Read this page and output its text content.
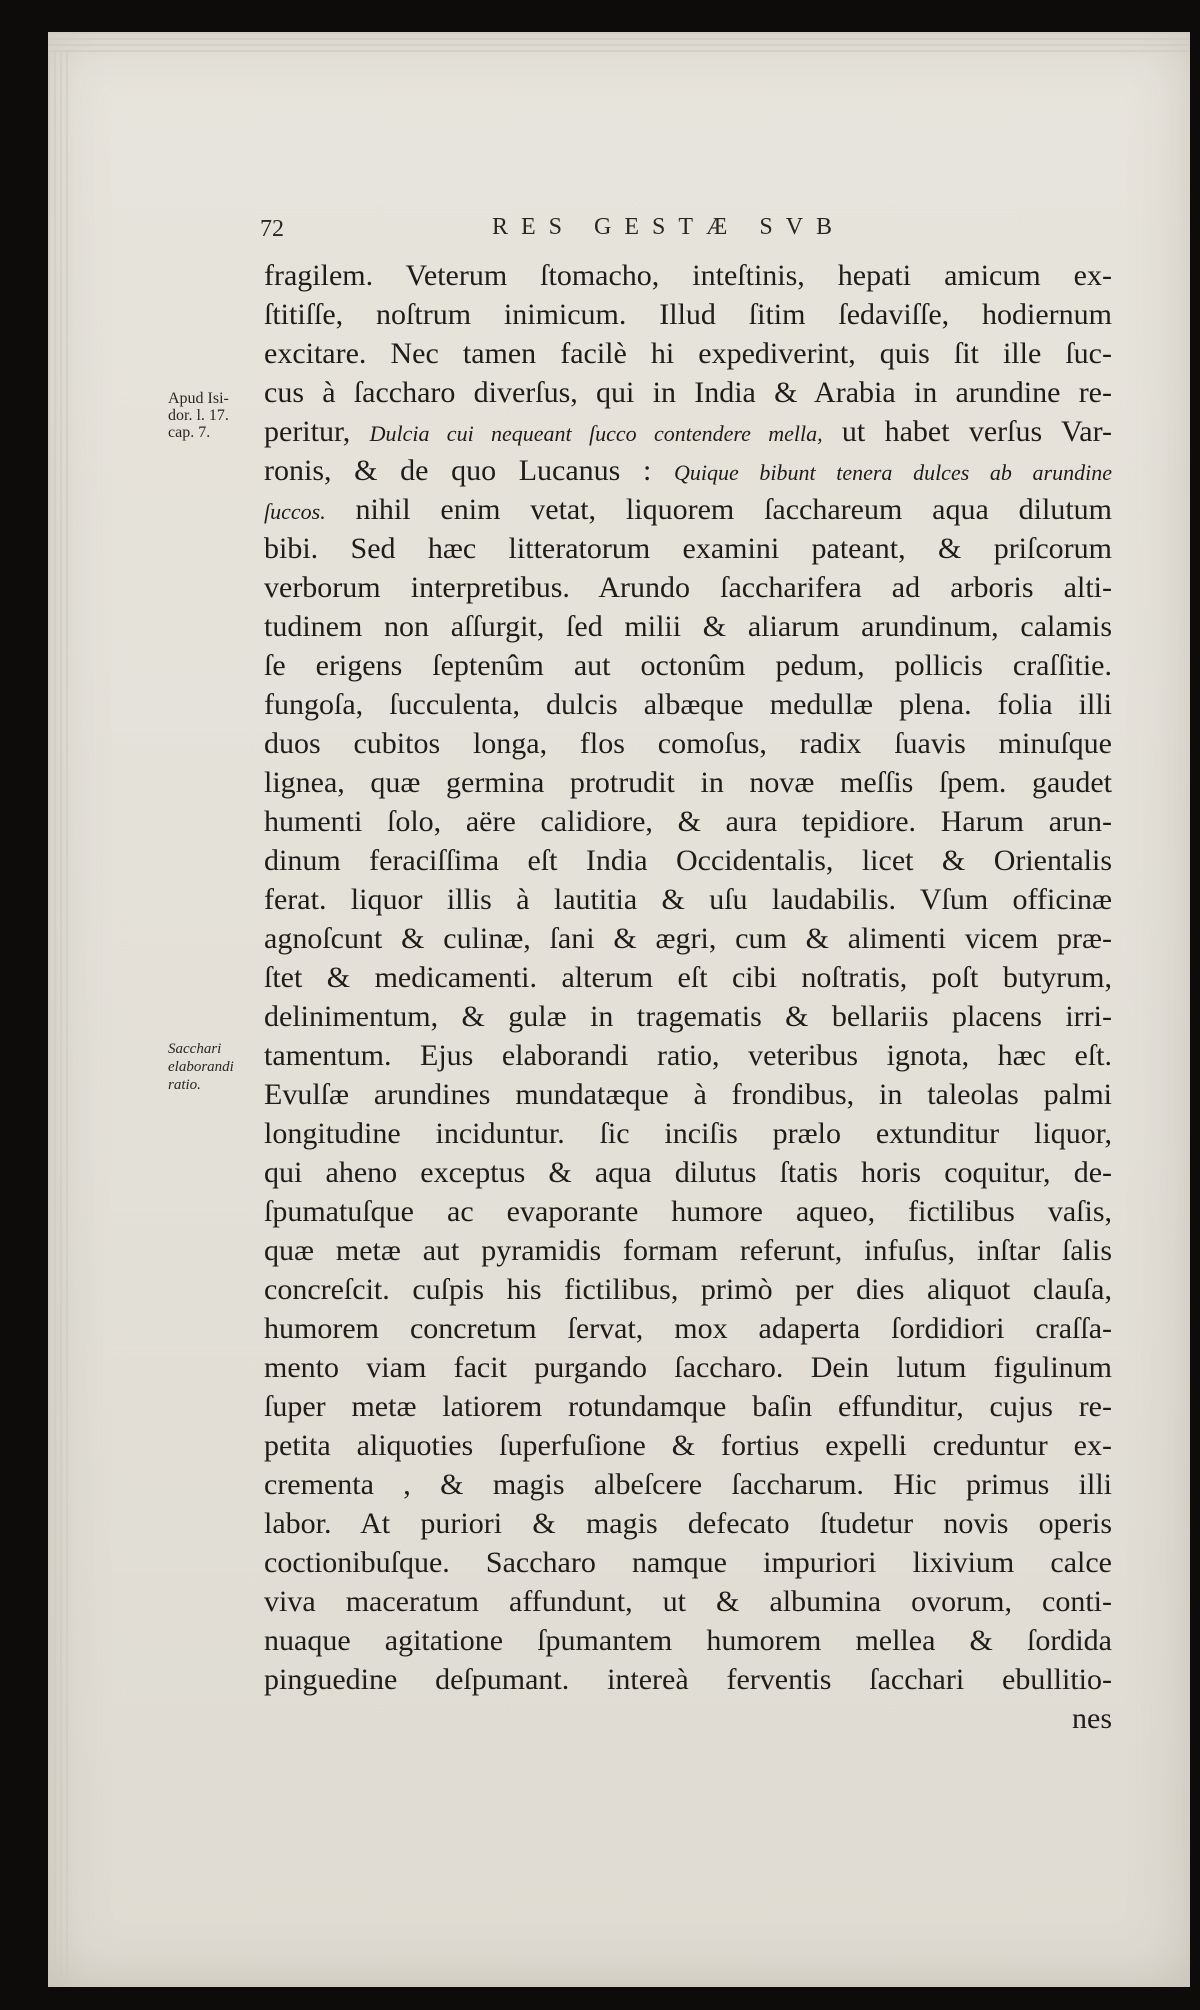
72	RES GESTÆ SVB
Apud Isi-
dor. l. 17.
cap. 7.
Sacchari
elaborandi
ratio.
fragilem. Veterum ſtomacho, inteſtinis, hepati amicum ex-
ſtitiſſe, noſtrum inimicum. Illud ſitim ſedaviſſe, hodiernum
excitare. Nec tamen facilè hi expediverint, quis ſit ille ſuc-
cus à ſaccharo diverſus, qui in India & Arabia in arundine re-
peritur, Dulcia cui nequeant ſucco contendere mella, ut habet verſus Var-
ronis, & de quo Lucanus : Quique bibunt tenera dulces ab arundine
ſuccos. nihil enim vetat, liquorem ſacchareum aqua dilutum
bibi. Sed hæc litteratorum examini pateant, & priſcorum
verborum interpretibus. Arundo ſaccharifera ad arboris alti-
tudinem non aſſurgit, ſed milii & aliarum arundinum, calamis
ſe erigens ſeptenûm aut octonûm pedum, pollicis craſſitie.
fungoſa, ſucculenta, dulcis albæque medullæ plena. folia illi
duos cubitos longa, flos comoſus, radix ſuavis minuſque
lignea, quæ germina protrudit in novæ meſſis ſpem. gaudet
humenti ſolo, aëre calidiore, & aura tepidiore. Harum arun-
dinum feraciſſima eſt India Occidentalis, licet & Orientalis
ferat. liquor illis à lautitia & uſu laudabilis. Vſum officinæ
agnoſcunt & culinæ, ſani & ægri, cum & alimenti vicem præ-
ſtet & medicamenti. alterum eſt cibi noſtratis, poſt butyrum,
delinimentum, & gulæ in tragematis & bellariis placens irri-
tamentum. Ejus elaborandi ratio, veteribus ignota, hæc eſt.
Evulſæ arundines mundatæque à frondibus, in taleolas palmi
longitudine inciduntur. ſic inciſis prælo extunditur liquor,
qui aheno exceptus & aqua dilutus ſtatis horis coquitur, de-
ſpumatuſque ac evaporante humore aqueo, fictilibus vaſis,
quæ metæ aut pyramidis formam referunt, infuſus, inſtar ſalis
concreſcit. cuſpis his fictilibus, primò per dies aliquot clauſa,
humorem concretum ſervat, mox adaperta ſordidiori craſſa-
mento viam facit purgando ſaccharo. Dein lutum figulinum
ſuper metæ latiorem rotundamque baſin effunditur, cujus re-
petita aliquoties ſuperfuſione & fortius expelli creduntur ex-
crementa , & magis albeſcere ſaccharum. Hic primus illi
labor. At puriori & magis defecato ſtudetur novis operis
coctionibuſque. Saccharo namque impuriori lixivium calce
viva maceratum affundunt, ut & albumina ovorum, conti-
nuaque agitatione ſpumantem humorem mellea & ſordida
pinguedine deſpumant. intereà ferventis ſacchari ebullitio-
nes
